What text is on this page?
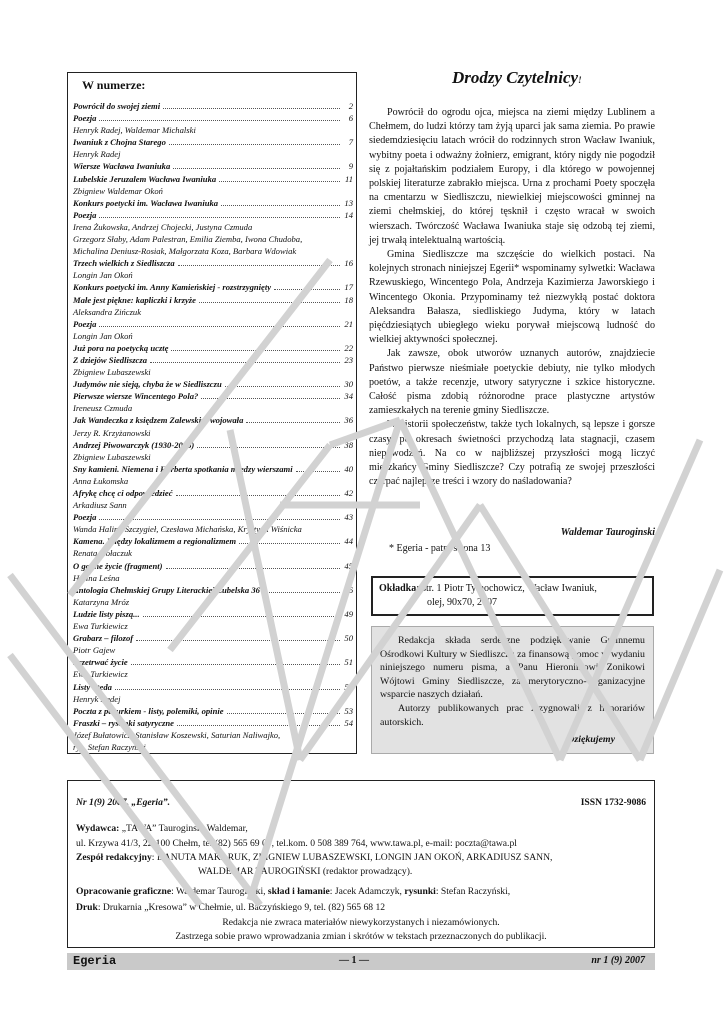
W numerze:
Powrócił do swojej ziemi	2
Poezja	6
Henryk Radej, Waldemar Michalski
Iwaniuk z Chojna Starego	7
Henryk Radej
Wiersze Wacława Iwaniuka	9
Lubelskie Jeruzalem Wacława Iwaniuka	11
Zbigniew Waldemar Okoń
Konkurs poetycki im. Wacława Iwaniuka	13
Poezja	14
Irena Żukowska, Andrzej Chojecki, Justyna Czmuda
Grzegorz Słaby, Adam Palestran, Emilia Ziemba, Iwona Chudoba,
Michalina Deniusz-Rosiak, Małgorzata Koza, Barbara Wdowiak
Trzech wielkich z Siedliszcza	16
Longin Jan Okoń
Konkurs poetycki im. Anny Kamieńskiej - rozstrzygnięty	17
Małe jest piękne: kapliczki i krzyże	18
Aleksandra Zińczuk
Poezja	21
Longin Jan Okoń
Już pora na poetycką ucztę	22
Z dziejów Siedliszcza	23
Zbigniew Lubaszewski
Judymów nie sieją, chyba że w Siedliszczu	30
Pierwsze wiersze Wincentego Pola?	34
Ireneusz Czmuda
Jak Wandeczka z księdzem Zalewskim wojowała	36
Jerzy R. Krzyżanowski
Andrzej Piwowarczyk (1930-2006)	38
Zbigniew Lubaszewski
Sny kamieni. Niemena i Herberta spotkania między wierszami	40
Anna Łukomska
Afrykę chcę ci odpowiedzieć	42
Arkadiusz Sann
Poezja	43
Wanda Halina Szczygieł, Czesława Michańska, Krystyna Wiśnicka
Kamena. Między lokalizmem a regionalizmem	44
Renata Hołaczuk
O godne życie (fragment)	45
Halina Leśna
Antologia Chełmskiej Grupy Literackiej Lubelska 36	46
Katarzyna Mróz
Ludzie listy piszą...	49
Ewa Turkiewicz
Grabarz – filozof	50
Piotr Gajew
Przetrwać życie	51
Ewa Turkiewicz
Listy Steda	52
Henryk Radej
Poczta z pazurkiem - listy, polemiki, opinie	53
Fraszki – rysunki satyryczne	54
Józef Bułatowicz, Stanisław Koszewski, Saturian Naliwajko,
rys. Stefan Raczyński
Drodzy Czytelnicy!

Powrócił do ogrodu ojca, miejsca na ziemi między Lublinem a Chełmem, do ludzi którzy tam żyją uparci jak sama ziemia. Po prawie siedemdziesięciu latach wrócił do rodzinnych stron Wacław Iwaniuk, wybitny poeta i odważny żołnierz, emigrant, który nigdy nie pogodził się z pojałtańskim podziałem Europy, i dla którego w powojennej polskiej literaturze zabrakło miejsca. Urna z prochami Poety spoczęła na cmentarzu w Siedliszczu, niewielkiej miejscowości gminnej na ziemi chełmskiej, do której tęsknił i często wracał w swoich wierszach. Twórczość Wacława Iwaniuka staje się odzobą tej ziemi, jej trwałą intelektualną wartością.

Gmina Siedliszcze ma szczęście do wielkich postaci. Na kolejnych stronach niniejszej Egerii* wspominamy sylwetki: Wacława Rzewuskiego, Wincentego Pola, Andrzeja Kazimierza Jaworskiego i Wincentego Okonia. Przypominamy też niezwykłą postać doktora Aleksandra Bałasza, siedliskiego Judyma, który w latach pięćdziesiątych ubiegłego wieku porywał miejscową ludność do wielkiej aktywności społecznej.

Jak zawsze, obok utworów uznanych autorów, znajdziecie Państwo pierwsze nieśmiałe poetyckie debiuty, nie tylko młodych poetów, a także recenzje, utwory satyryczne i szkice historyczne. Całość pisma zdobią różnorodne prace plastyczne artystów zamieszkałych na terenie gminy Siedliszcze.

W historii społeczeństw, także tych lokalnych, są lepsze i gorsze czasy, po okresach świetności przychodzą lata stagnacji, czasem niepowodzeń. Na co w najbliższej przyszłości mogą liczyć mieszkańcy Gminy Siedliszcze? Czy potrafią ze swojej przeszłości czerpać najlepsze treści i wzory do naśladowania?

Waldemar Tauroginski
* Egeria - patrz strona 13
Okładka: str. 1 Piotr Tymochowicz, Wacław Iwaniuk,
olej, 90x70, 2007

Redakcja składa serdeczne podziękowanie Gminnemu Ośrodkowi Kultury w Siedliszczu za finansową pomoc w wydaniu niniejszego numeru pisma, a Panu Hieronimowi Zonikowi Wójtowi Gminy Siedliszcze, za merytoryczno--organizacyjne wsparcie naszych działań.

Autorzy publikowanych prac zrzygnowali z honorariów autorskich.

Dziękujemy
Nr 1(9) 2007, „Egeria”.	ISSN 1732-9086
Wydawca: „TAWA” Tauroginski Waldemar,
ul. Krzywa 41/3, 22-100 Chełm, tel.(82) 565 69 09, tel.kom. 0 508 389 764, www.tawa.pl, e-mail: poczta@tawa.pl
Zespół redakcyjny: DANUTA MAKARUK, ZBIGNIEW LUBASZEWSKI, LONGIN JAN OKOŃ, ARKADIUSZ SANN,
WALDEMAR TAUROGIŃSKI (redaktor prowadzący).
Opracowanie graficzne: Waldemar Tauroginski, skład i łamanie: Jacek Adamczyk, rysunki: Stefan Raczyński,
Druk: Drukarnia „Kresowa” w Chełmie, ul. Baczyńskiego 9, tel. (82) 565 68 12
Redakcja nie zwraca materiałów niewykorzystanych i niezamówionych.
Zastrzega sobie prawo wprowadzania zmian i skrótów w tekstach przeznaczonych do publikacji.
Egeria	— 1 —	nr 1 (9) 2007
